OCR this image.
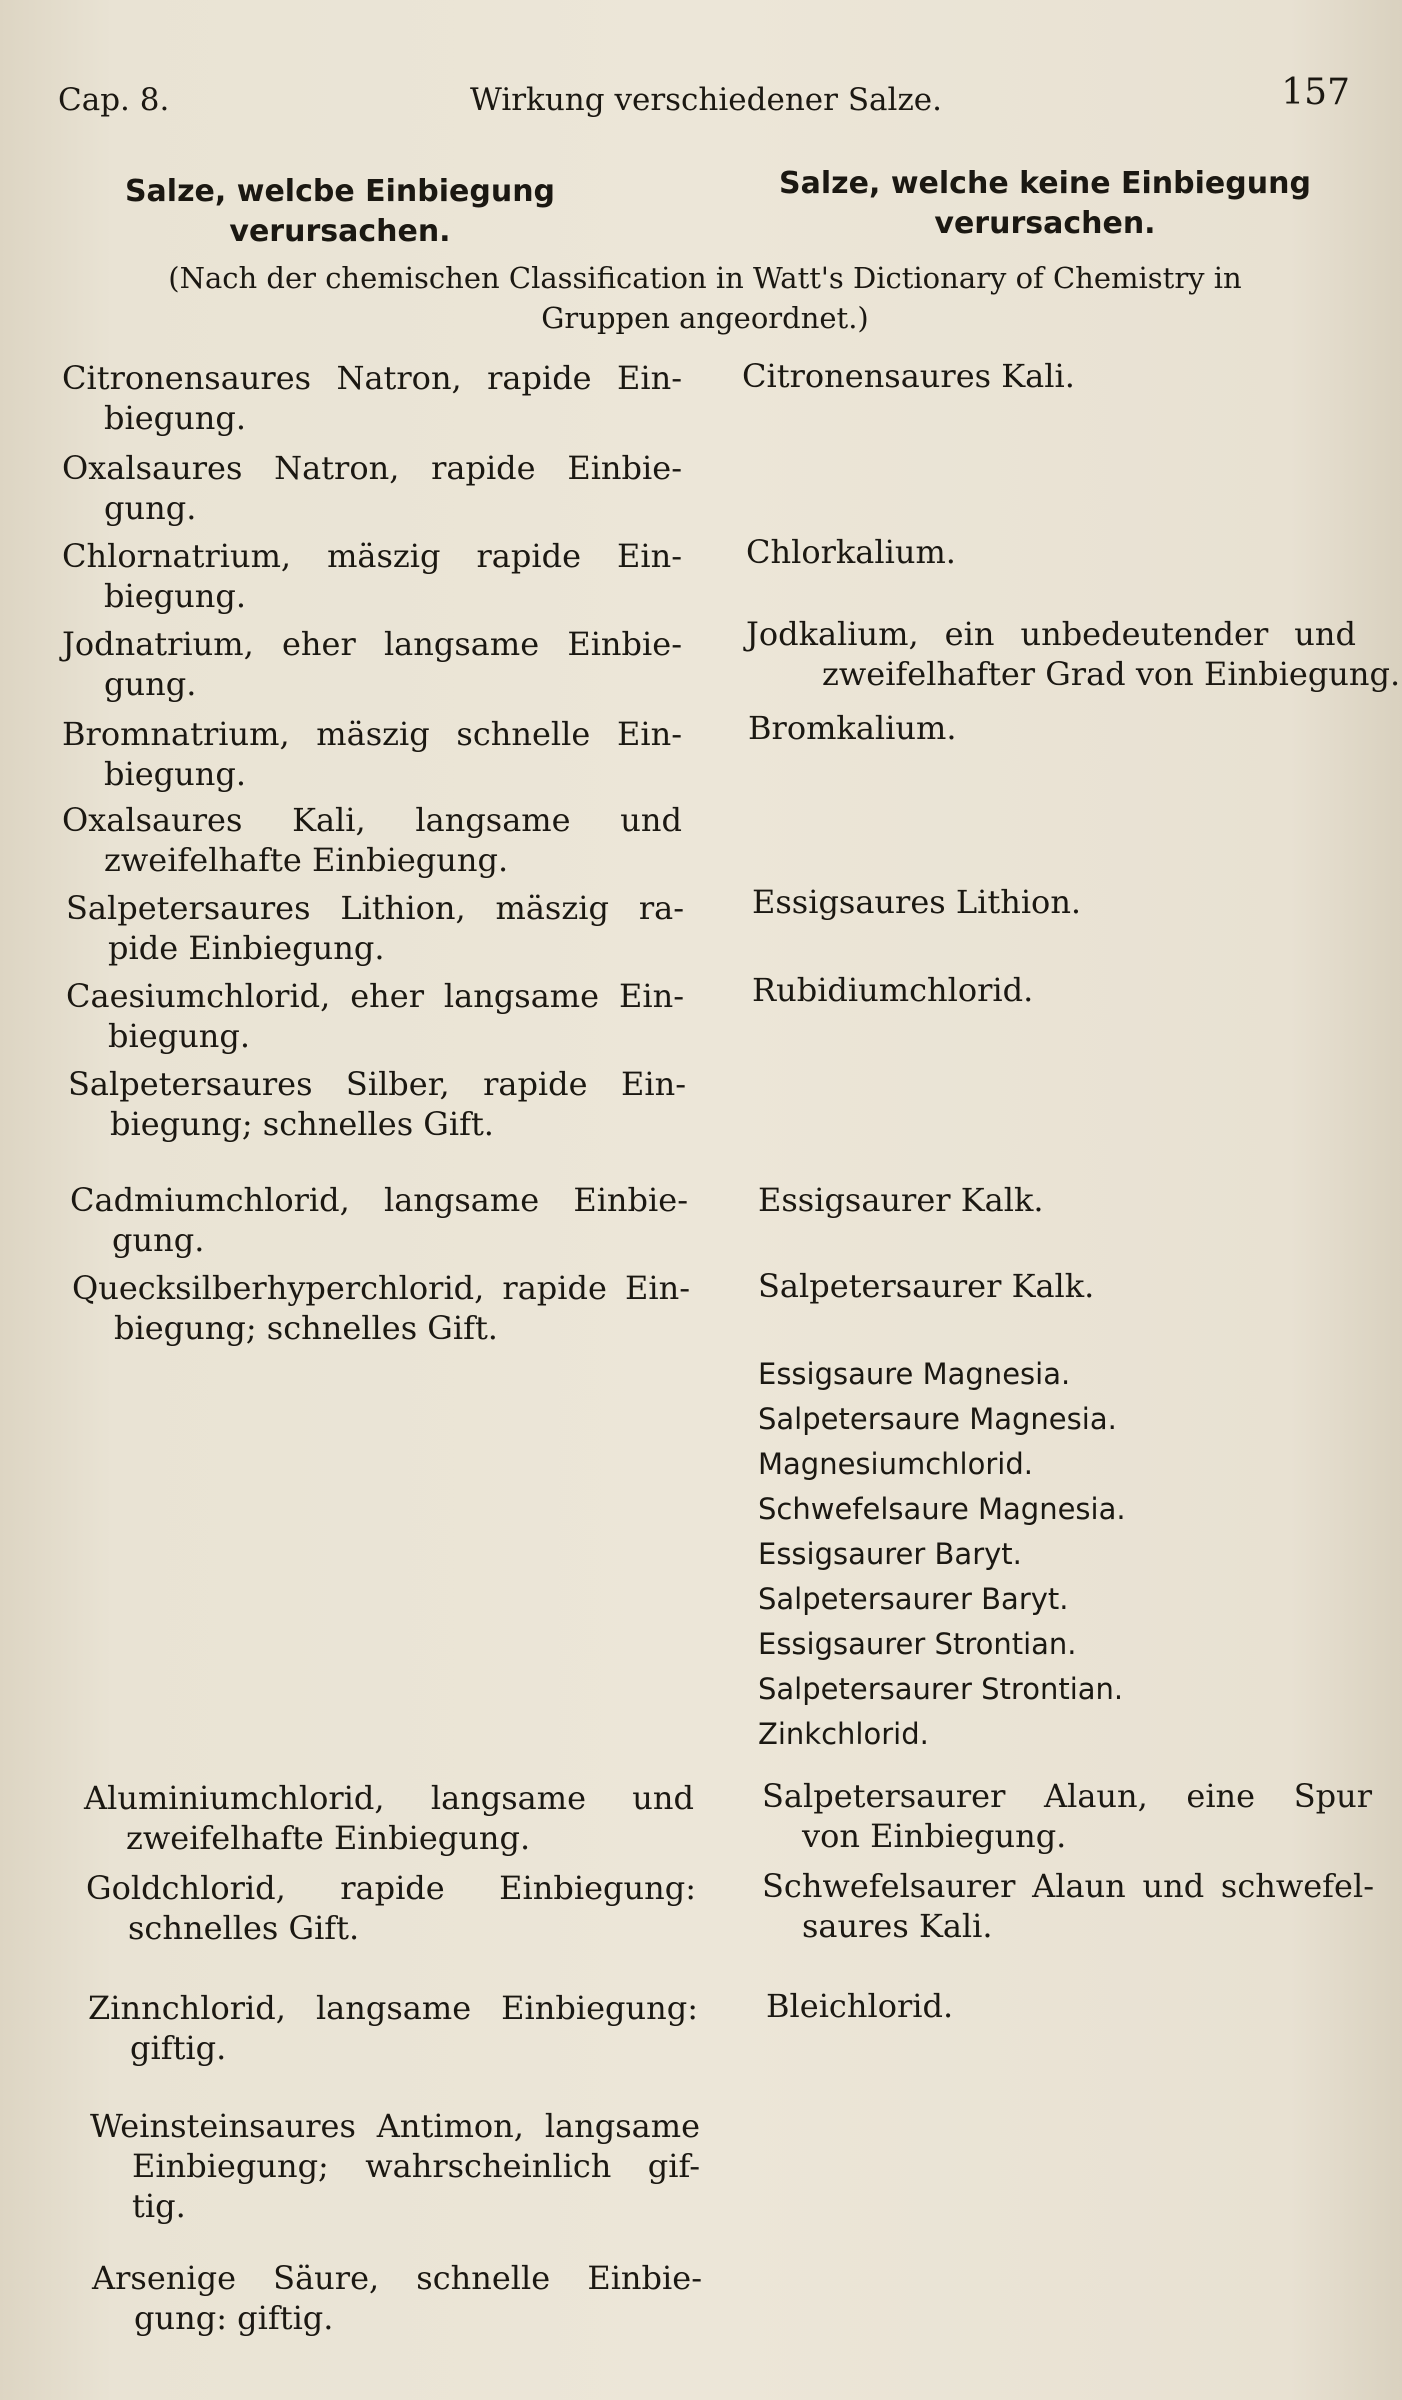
Cap. 8.	Wirkung verschiedener Salze.	157
Salze, welcbe Einbiegung
verursachen.
Salze, welche keine Einbiegung
verursachen.
(Nach der chemischen Classification in Watt's Dictionary of Chemistry in
Gruppen angeordnet.)
Citronensaures Natron, rapide Ein-
biegung.
Oxalsaures Natron, rapide Einbie-
gung.
Chlornatrium, mäszig rapide Ein-
biegung.
Jodnatrium, eher langsame Einbie-
gung.
Bromnatrium, mäszig schnelle Ein-
biegung.
Oxalsaures Kali, langsame und
zweifelhafte Einbiegung.
Salpetersaures Lithion, mäszig ra-
pide Einbiegung.
Caesiumchlorid, eher langsame Ein-
biegung.
Salpetersaures Silber, rapide Ein-
biegung; schnelles Gift.
Cadmiumchlorid, langsame Einbie-
gung.
Quecksilberhyperchlorid, rapide Ein-
biegung; schnelles Gift.
Aluminiumchlorid, langsame und
zweifelhafte Einbiegung.
Goldchlorid, rapide Einbiegung:
schnelles Gift.
Zinnchlorid, langsame Einbiegung:
giftig.
Weinsteinsaures Antimon, langsame
Einbiegung; wahrscheinlich gif-
tig.
Arsenige Säure, schnelle Einbie-
gung: giftig.
Citronensaures Kali.
Chlorkalium.
Jodkalium, ein unbedeutender und
zweifelhafter Grad von Einbiegung.
Bromkalium.
Essigsaures Lithion.
Rubidiumchlorid.
Essigsaurer Kalk.
Salpetersaurer Kalk.
Essigsaure Magnesia.
Salpetersaure Magnesia.
Magnesiumchlorid.
Schwefelsaure Magnesia.
Essigsaurer Baryt.
Salpetersaurer Baryt.
Essigsaurer Strontian.
Salpetersaurer Strontian.
Zinkchlorid.
Salpetersaurer Alaun, eine Spur
von Einbiegung.
Schwefelsaurer Alaun und schwefel-
saures Kali.
Bleichlorid.
